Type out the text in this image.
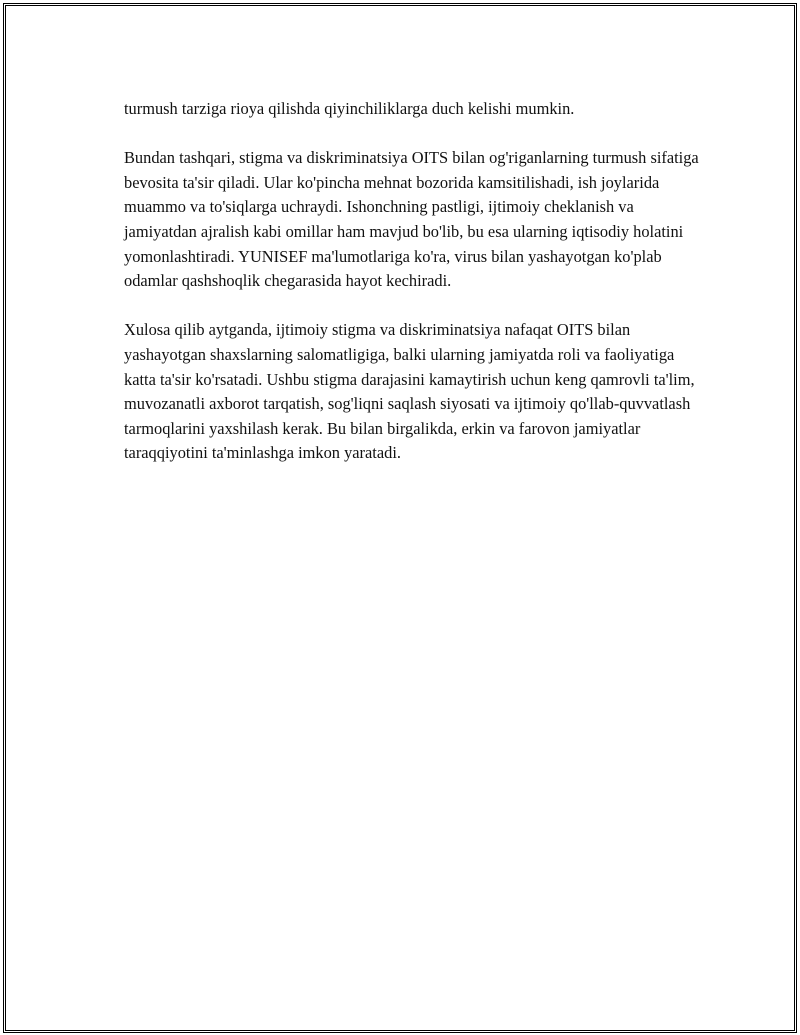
turmush tarziga rioya qilishda qiyinchiliklarga duch kelishi mumkin.

Bundan tashqari, stigma va diskriminatsiya OITS bilan og'riganlarning turmush sifatiga bevosita ta'sir qiladi. Ular ko'pincha mehnat bozorida kamsitilishadi, ish joylarida muammo va to'siqlarga uchraydi. Ishonchning pastligi, ijtimoiy cheklanish va jamiyatdan ajralish kabi omillar ham mavjud bo'lib, bu esa ularning iqtisodiy holatini yomonlashtiradi. YUNISEF ma'lumotlariga ko'ra, virus bilan yashayotgan ko'plab odamlar qashshoqlik chegarasida hayot kechiradi.

Xulosa qilib aytganda, ijtimoiy stigma va diskriminatsiya nafaqat OITS bilan yashayotgan shaxslarning salomatligiga, balki ularning jamiyatda roli va faoliyatiga katta ta'sir ko'rsatadi. Ushbu stigma darajasini kamaytirish uchun keng qamrovli ta'lim, muvozanatli axborot tarqatish, sog'liqni saqlash siyosati va ijtimoiy qo'llab-quvvatlash tarmoqlarini yaxshilash kerak. Bu bilan birgalikda, erkin va farovon jamiyatlar taraqqiyotini ta'minlashga imkon yaratadi.
